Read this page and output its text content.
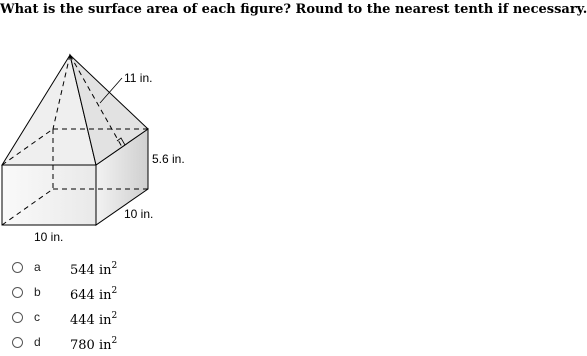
What is the surface area of each figure? Round to the nearest tenth if necessary.
11 in.
5.6 in.
10 in.
10 in.
a 544 $in^2$
b 644 $in^2$
c 444 $in^2$
d 780 $in^2$
